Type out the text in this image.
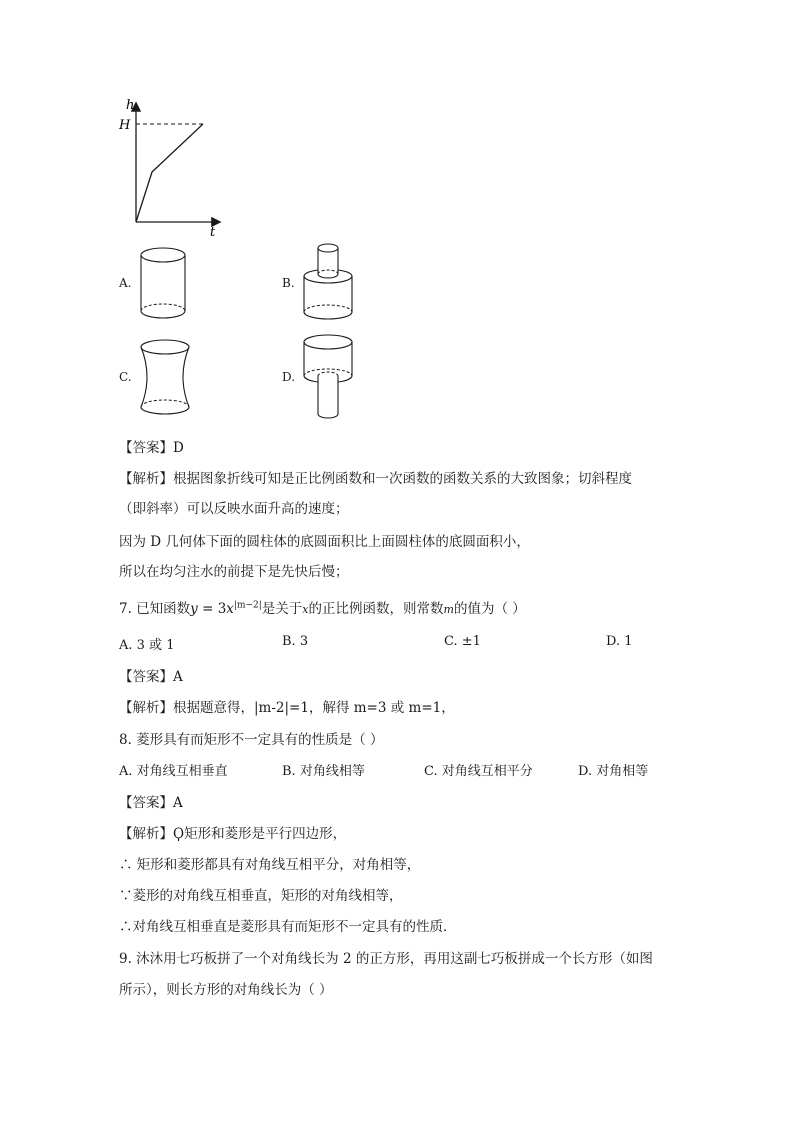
h
H
t
A.	B.
C.	D.
【答案】D
【解析】根据图象折线可知是正比例函数和一次函数的函数关系的大致图象；切斜程度
（即斜率）可以反映水面升高的速度；
因为 D 几何体下面的圆柱体的底圆面积比上面圆柱体的底圆面积小，
所以在均匀注水的前提下是先快后慢；
7. 已知函数$y = 3x^{|m-2|}$是关于x的正比例函数，则常数m的值为（ ）
A. 3 或 1	B. 3	C. ±1	D. 1
【答案】A
【解析】根据题意得，|m-2|=1，解得 m=3 或 m=1，
8. 菱形具有而矩形不一定具有的性质是（ ）
A. 对角线互相垂直	B. 对角线相等	C. 对角线互相平分	D. 对角相等
【答案】A
【解析】Ϙ矩形和菱形是平行四边形，
∴ 矩形和菱形都具有对角线互相平分，对角相等，
∵菱形的对角线互相垂直，矩形的对角线相等，
∴对角线互相垂直是菱形具有而矩形不一定具有的性质．
9. 沐沐用七巧板拼了一个对角线长为 2 的正方形，再用这副七巧板拼成一个长方形（如图
所示），则长方形的对角线长为（ ）
